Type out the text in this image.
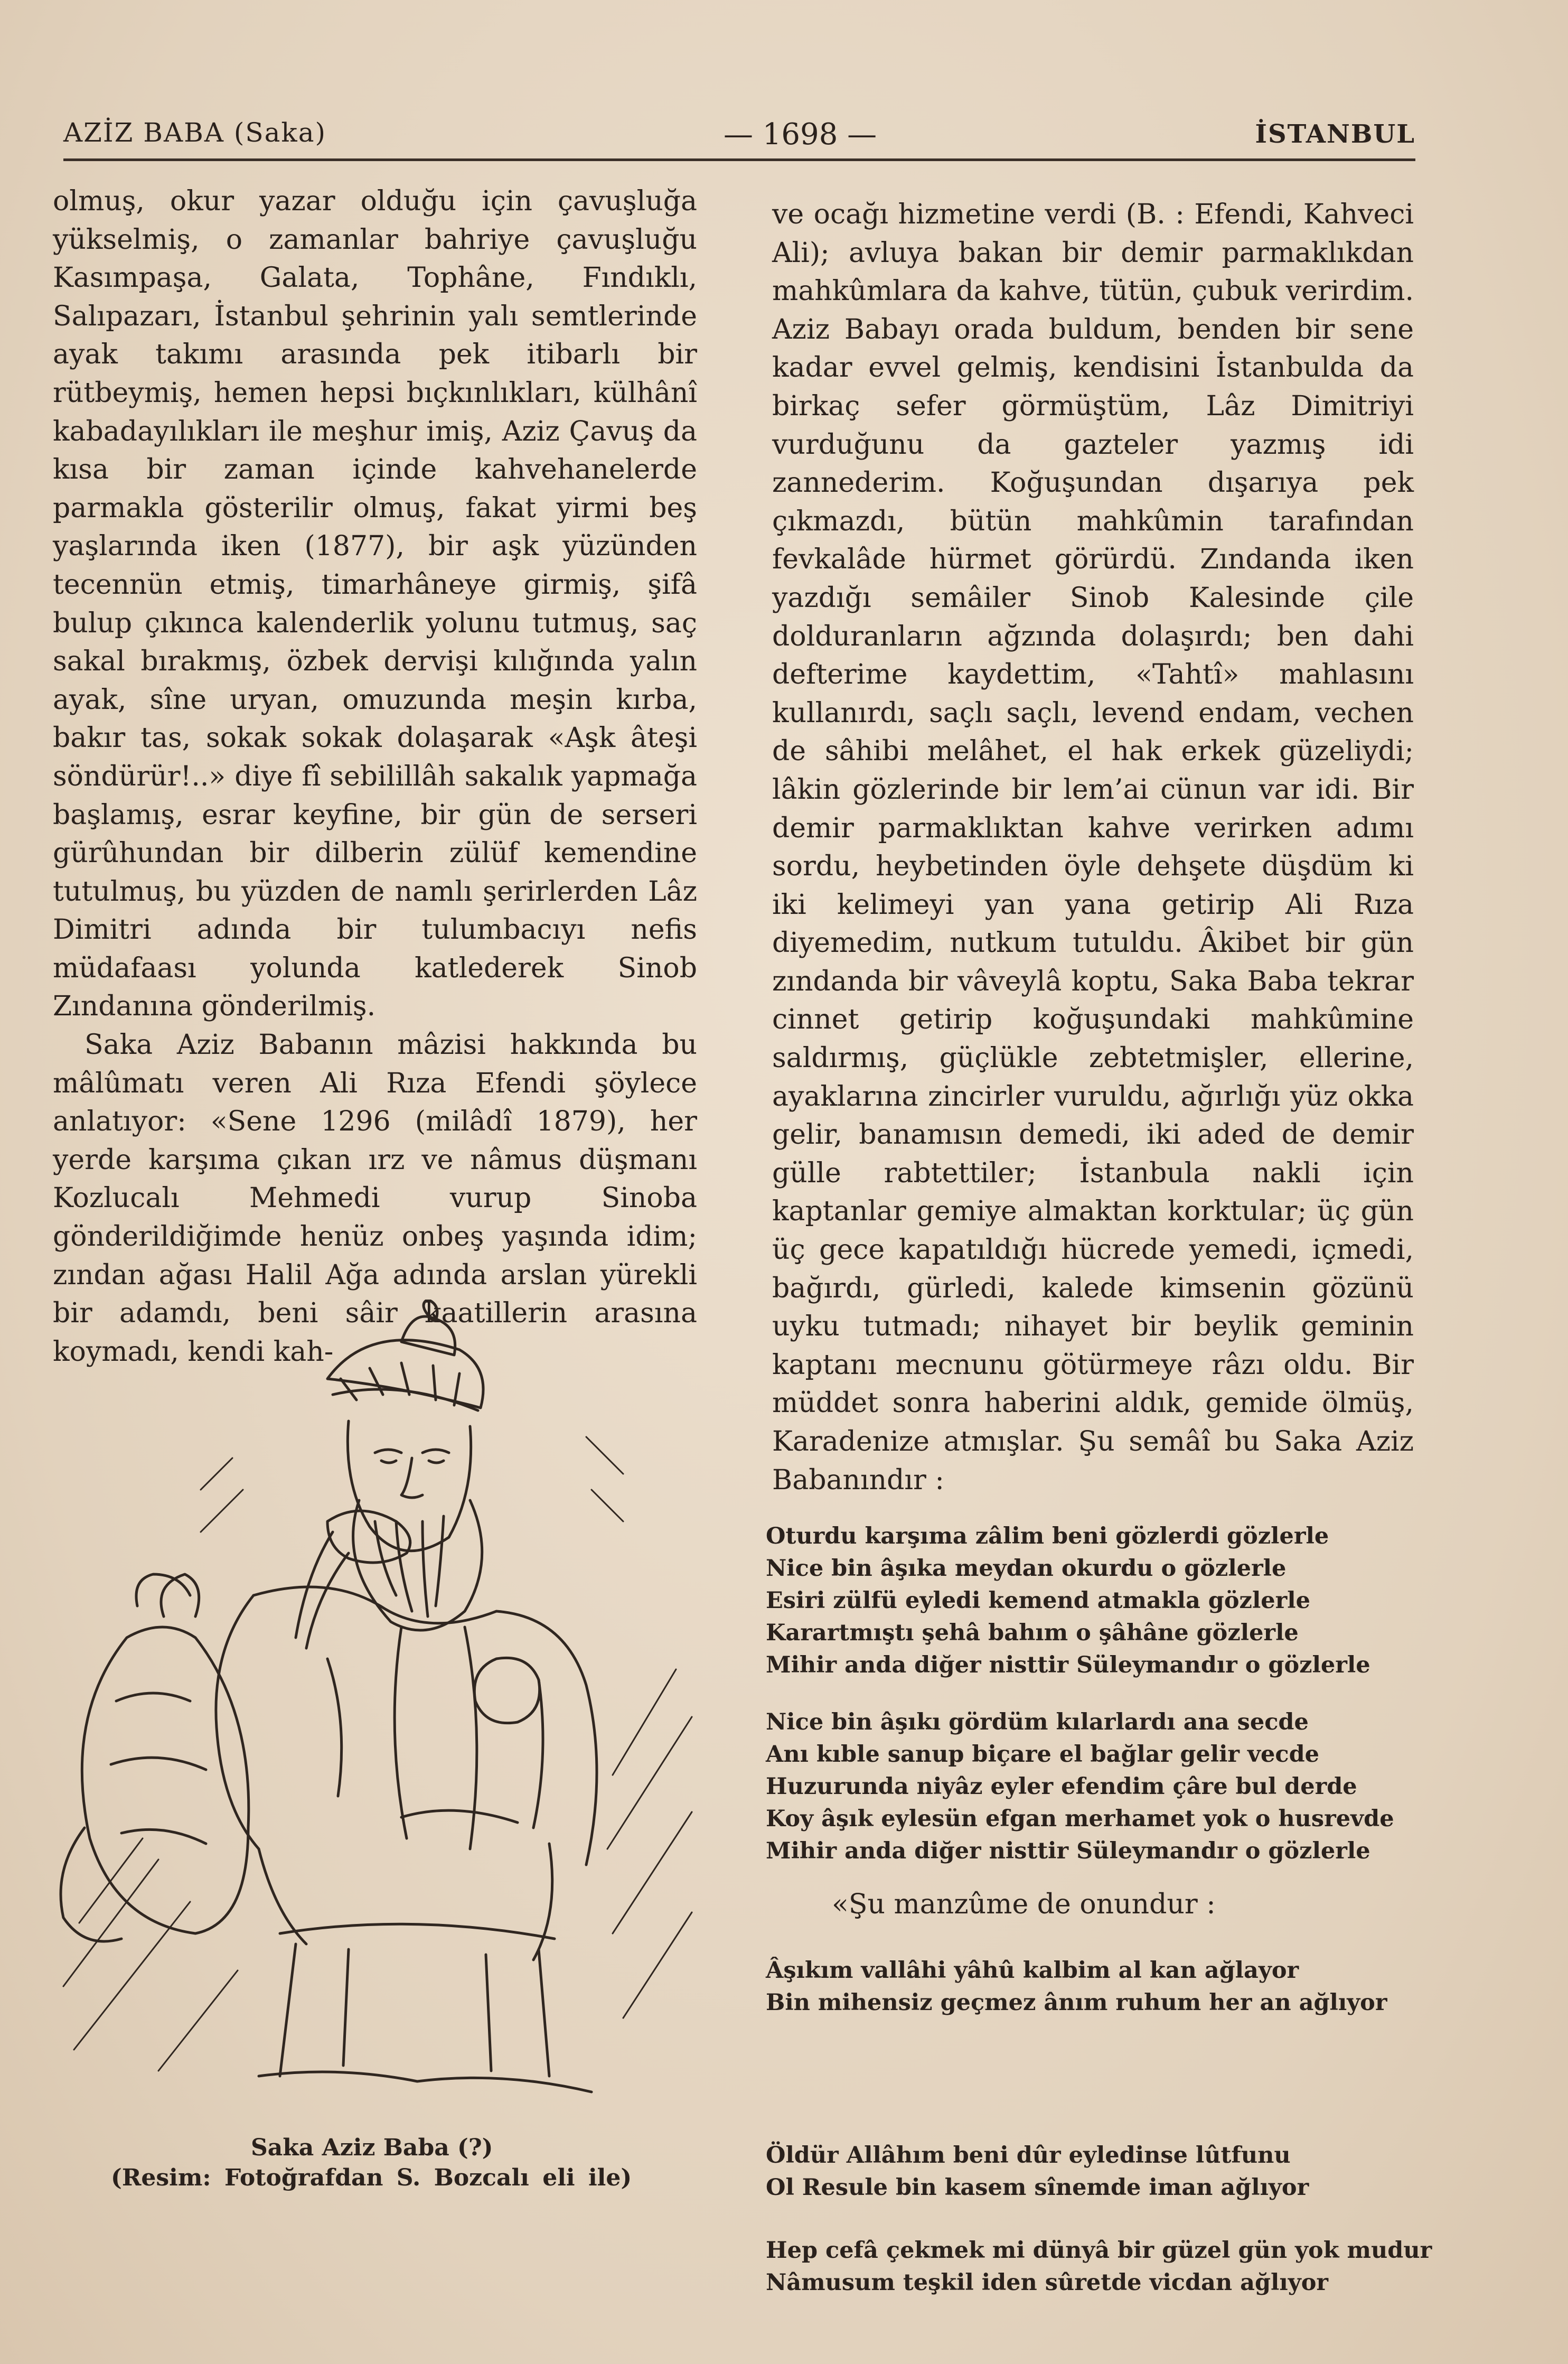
AZİZ BABA (Saka)	— 1698 —	İSTANBUL

olmuş, okur yazar olduğu için çavuşluğa yükselmiş, o zamanlar bahriye çavuşluğu Kasımpaşa, Galata, Tophâne, Fındıklı, Salıpazarı, İstanbul şehrinin yalı semtlerinde ayak takımı arasında pek itibarlı bir rütbeymiş, hemen hepsi bıçkınlıkları, külhânî kabadayılıkları ile meşhur imiş, Aziz Çavuş da kısa bir zaman içinde kahvehanelerde parmakla gösterilir olmuş, fakat yirmi beş yaşlarında iken (1877), bir aşk yüzünden tecennün etmiş, timarhâneye girmiş, şifâ bulup çıkınca kalenderlik yolunu tutmuş, saç sakal bırakmış, özbek dervişi kılığında yalın ayak, sîne uryan, omuzunda meşin kırba, bakır tas, sokak sokak dolaşarak «Aşk âteşi söndürür!..» diye fî sebilillâh sakalık yapmağa başlamış, esrar keyfine, bir gün de serseri gürûhundan bir dilberin zülüf kemendine tutulmuş, bu yüzden de namlı şerirlerden Lâz Dimitri adında bir tulumbacıyı nefis müdafaası yolunda katlederek Sinob Zındanına gönderilmiş.

Saka Aziz Babanın mâzisi hakkında bu mâlûmatı veren Ali Rıza Efendi şöylece anlatıyor: «Sene 1296 (milâdî 1879), her yerde karşıma çıkan ırz ve nâmus düşmanı Kozlucalı Mehmedi vurup Sinoba gönderildiğimde henüz onbeş yaşında idim; zından ağası Halil Ağa adında arslan yürekli bir adamdı, beni sâir kaatillerin arasına koymadı, kendi kah-

Saka Aziz Baba (?)
(Resim: Fotoğrafdan S. Bozcalı eli ile)

ve ocağı hizmetine verdi (B. : Efendi, Kahveci Ali); avluya bakan bir demir parmaklıkdan mahkûmlara da kahve, tütün, çubuk verirdim. Aziz Babayı orada buldum, benden bir sene kadar evvel gelmiş, kendisini İstanbulda da birkaç sefer görmüştüm, Lâz Dimitriyi vurduğunu da gazteler yazmış idi zannederim. Koğuşundan dışarıya pek çıkmazdı, bütün mahkûmin tarafından fevkalâde hürmet görürdü. Zındanda iken yazdığı semâiler Sinob Kalesinde çile dolduranların ağzında dolaşırdı; ben dahi defterime kaydettim, «Tahtî» mahlasını kullanırdı, saçlı saçlı, levend endam, vechen de sâhibi melâhet, el hak erkek güzeliydi; lâkin gözlerinde bir lem’ai cünun var idi. Bir demir parmaklıktan kahve verirken adımı sordu, heybetinden öyle dehşete düşdüm ki iki kelimeyi yan yana getirip Ali Rıza diyemedim, nutkum tutuldu. Âkibet bir gün zındanda bir vâveylâ koptu, Saka Baba tekrar cinnet getirip koğuşundaki mahkûmine saldırmış, güçlükle zebtetmişler, ellerine, ayaklarına zincirler vuruldu, ağırlığı yüz okka gelir, banamısın demedi, iki aded de demir gülle rabtettiler; İstanbula nakli için kaptanlar gemiye almaktan korktular; üç gün üç gece kapatıldığı hücrede yemedi, içmedi, bağırdı, gürledi, kalede kimsenin gözünü uyku tutmadı; nihayet bir beylik geminin kaptanı mecnunu götürmeye râzı oldu. Bir müddet sonra haberini aldık, gemide ölmüş, Karadenize atmışlar. Şu semâî bu Saka Aziz Babanındır :

Oturdu karşıma zâlim beni gözlerdi gözlerle
Nice bin âşıka meydan okurdu o gözlerle
Esiri zülfü eyledi kemend atmakla gözlerle
Karartmıştı şehâ bahım o şâhâne gözlerle
Mihir anda diğer nisttir Süleymandır o gözlerle
Nice bin âşıkı gördüm kılarlardı ana secde
Anı kıble sanup biçare el bağlar gelir vecde
Huzurunda niyâz eyler efendim çâre bul derde
Koy âşık eylesün efgan merhamet yok o husrevde
Mihir anda diğer nisttir Süleymandır o gözlerle
«Şu manzûme de onundur :
Âşıkım vallâhi yâhû kalbim al kan ağlayor
Bin mihensiz geçmez ânım ruhum her an ağlıyor
Öldür Allâhım beni dûr eyledinse lûtfunu
Ol Resule bin kasem sînemde iman ağlıyor
Hep cefâ çekmek mi dünyâ bir güzel gün yok mudur
Nâmusum teşkil iden sûretde vicdan ağlıyor
